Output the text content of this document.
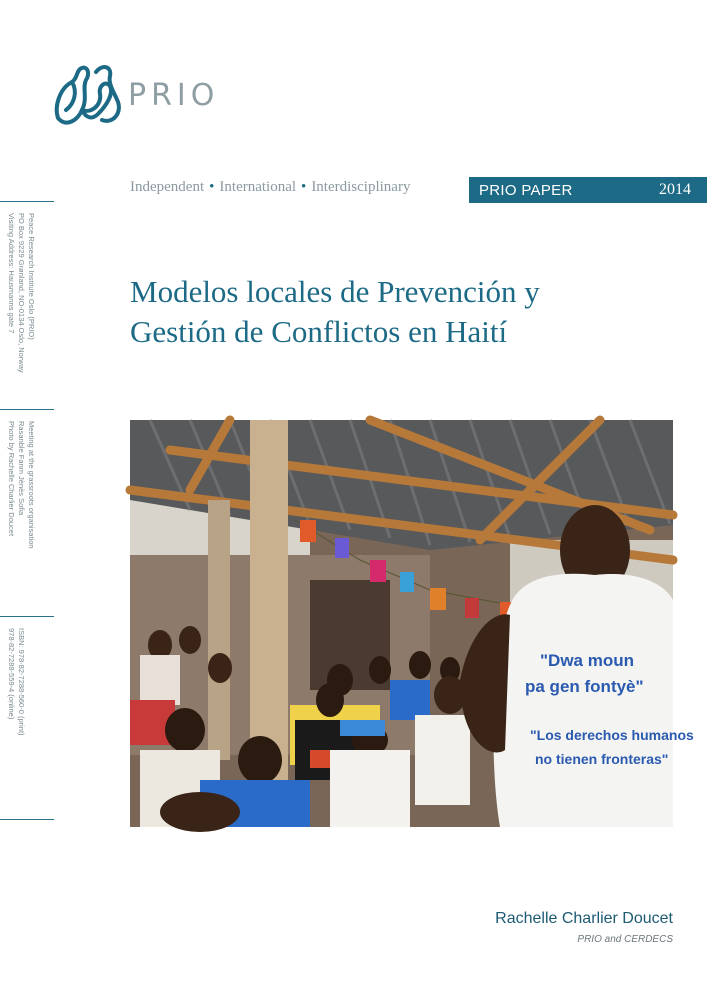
PRIO
Peace Research Institute Oslo (PRIO)
PO Box 9229 Grønland, NO-0134 Oslo, Norway
Visiting Address: Hausmanns gate 7
Meeting at the grassroots organisation
Rasanble Fanm Jènès Sofia
Photo by Rachelle Charlier Doucet
ISBN: 978-82-7288-560-0 (print)
978-82-7288-559-4 (online)
Independent • International • Interdisciplinary	PRIO PAPER	2014
Modelos locales de Prevención y
Gestión de Conflictos en Haití
"Dwa moun
pa gen fontyè"
"Los derechos humanos
no tienen fronteras"
Rachelle Charlier Doucet
PRIO and CERDECS
